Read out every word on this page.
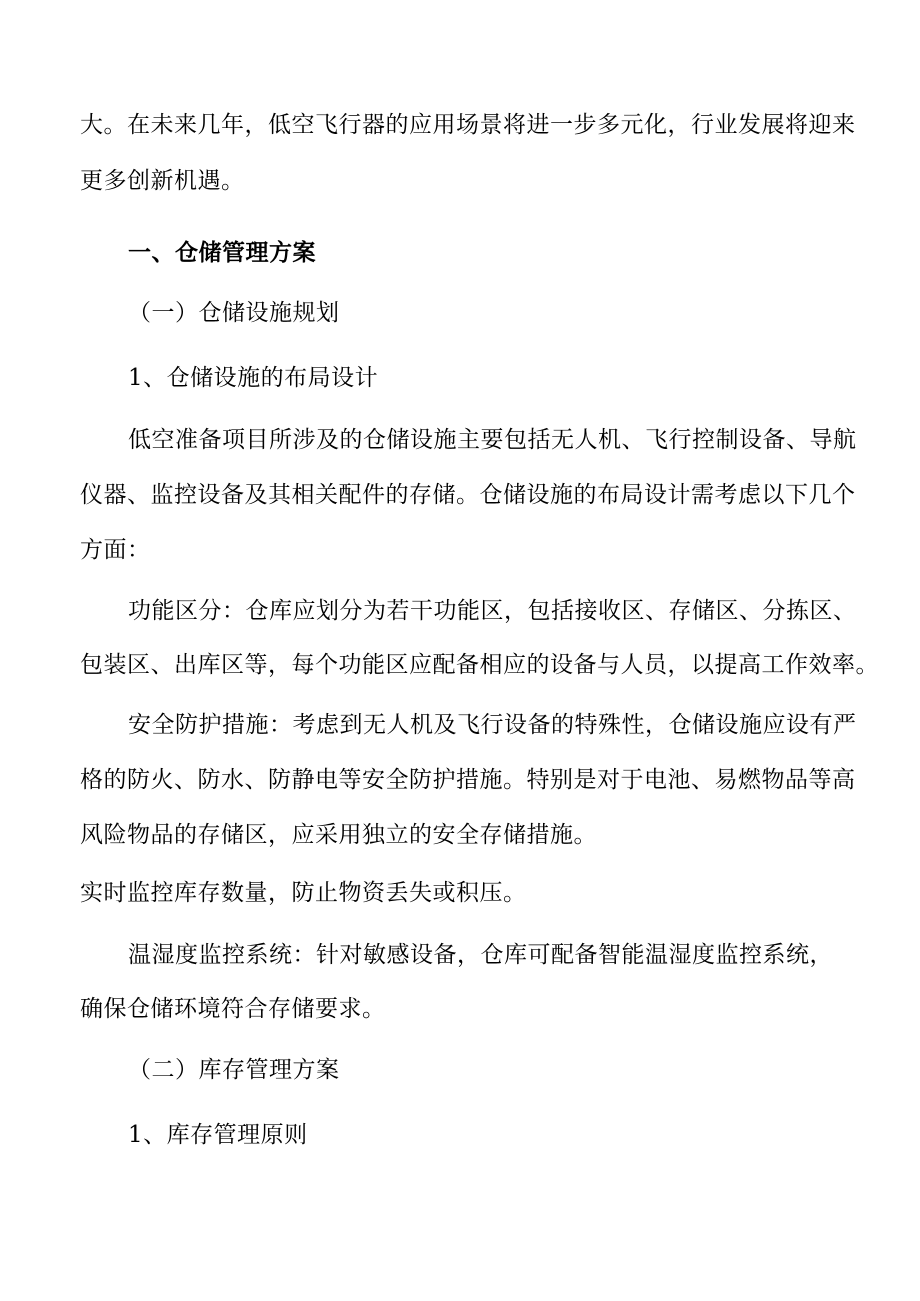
大。在未来几年，低空飞行器的应用场景将进一步多元化，行业发展将迎来
更多创新机遇。
一、仓储管理方案
（一）仓储设施规划
1、仓储设施的布局设计
低空准备项目所涉及的仓储设施主要包括无人机、飞行控制设备、导航
仪器、监控设备及其相关配件的存储。仓储设施的布局设计需考虑以下几个
方面：
功能区分：仓库应划分为若干功能区，包括接收区、存储区、分拣区、
包装区、出库区等，每个功能区应配备相应的设备与人员，以提高工作效率。
安全防护措施：考虑到无人机及飞行设备的特殊性，仓储设施应设有严
格的防火、防水、防静电等安全防护措施。特别是对于电池、易燃物品等高
风险物品的存储区，应采用独立的安全存储措施。
实时监控库存数量，防止物资丢失或积压。
温湿度监控系统：针对敏感设备，仓库可配备智能温湿度监控系统，
确保仓储环境符合存储要求。
（二）库存管理方案
1、库存管理原则
